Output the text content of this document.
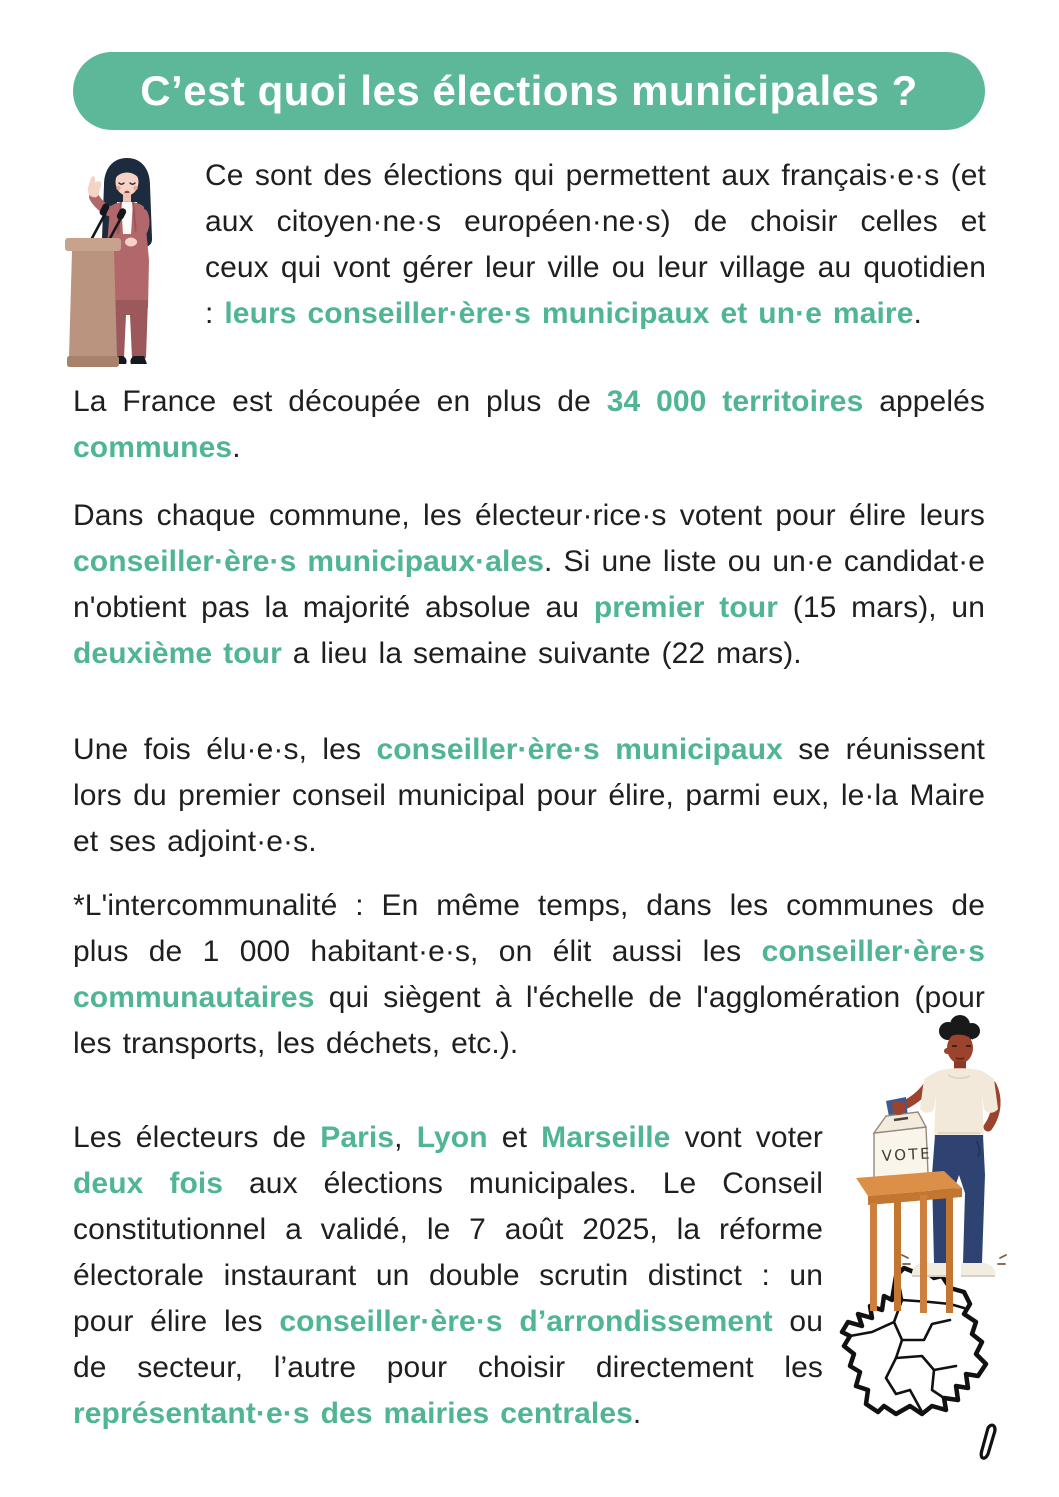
C’est quoi les élections municipales ?

Ce sont des élections qui permettent aux français·e·s (et aux citoyen·ne·s européen·ne·s) de choisir celles et ceux qui vont gérer leur ville ou leur village au quotidien : leurs conseiller·ère·s municipaux et un·e maire.

La France est découpée en plus de 34 000 territoires appelés communes.

Dans chaque commune, les électeur·rice·s votent pour élire leurs conseiller·ère·s municipaux·ales. Si une liste ou un·e candidat·e n'obtient pas la majorité absolue au premier tour (15 mars), un deuxième tour a lieu la semaine suivante (22 mars).

Une fois élu·e·s, les conseiller·ère·s municipaux se réunissent lors du premier conseil municipal pour élire, parmi eux, le·la Maire et ses adjoint·e·s.

*L'intercommunalité : En même temps, dans les communes de plus de 1 000 habitant·e·s, on élit aussi les conseiller·ère·s communautaires qui siègent à l'échelle de l'agglomération (pour les transports, les déchets, etc.).

Les électeurs de Paris, Lyon et Marseille vont voter deux fois aux élections municipales. Le Conseil constitutionnel a validé, le 7 août 2025, la réforme électorale instaurant un double scrutin distinct : un pour élire les conseiller·ère·s d’arrondissement ou de secteur, l’autre pour choisir directement les représentant·e·s des mairies centrales.

VOTE
